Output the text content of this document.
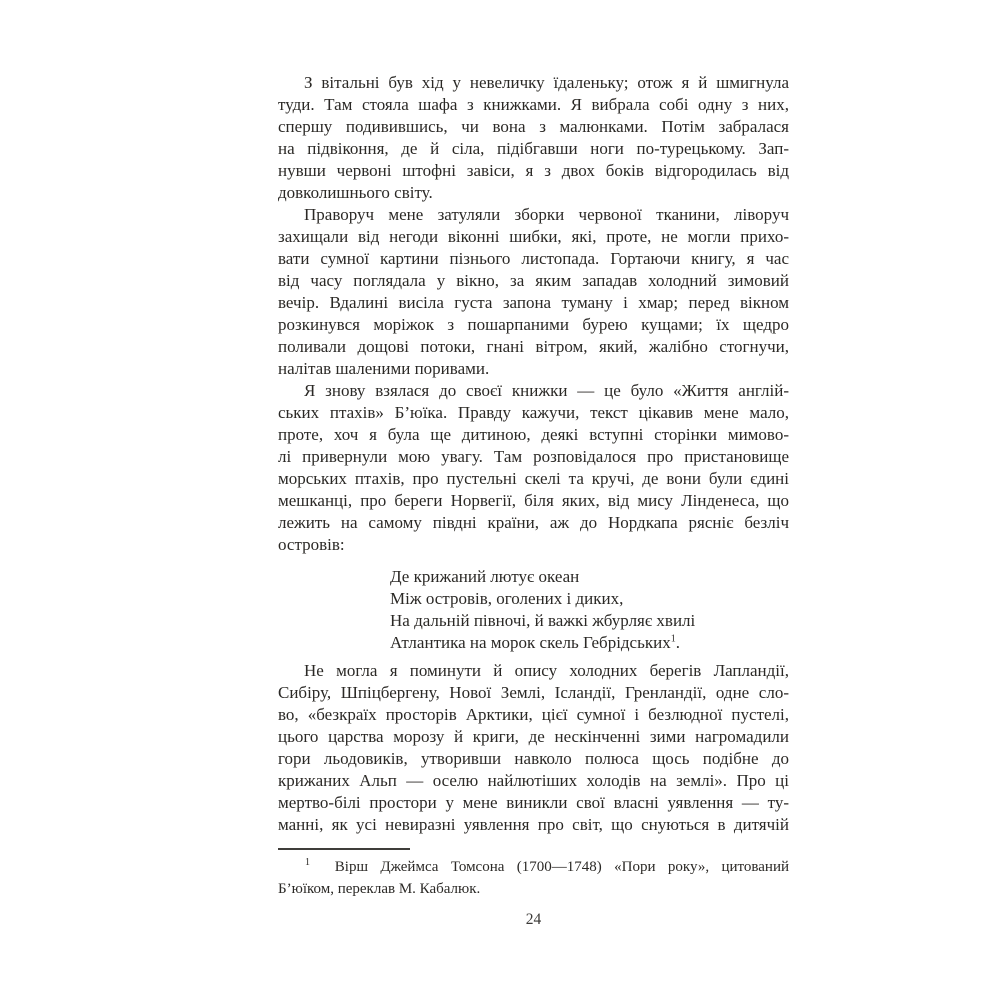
З вітальні був хід у невеличку їдаленьку; отож я й шмигнула
туди. Там стояла шафа з книжками. Я вибрала собі одну з них,
спершу подивившись, чи вона з малюнками. Потім забралася
на підвіконня, де й сіла, підібгавши ноги по-турецькому. Зап-
нувши червоні штофні завіси, я з двох боків відгородилась від
довколишнього світу.
Праворуч мене затуляли зборки червоної тканини, ліворуч
захищали від негоди віконні шибки, які, проте, не могли прихо-
вати сумної картини пізнього листопада. Гортаючи книгу, я час
від часу поглядала у вікно, за яким западав холодний зимовий
вечір. Вдалині висіла густа запона туману і хмар; перед вікном
розкинувся моріжок з пошарпаними бурею кущами; їх щедро
поливали дощові потоки, гнані вітром, який, жалібно стогнучи,
налітав шаленими поривами.
Я знову взялася до своєї книжки — це було «Життя англій-
ських птахів» Б’юїка. Правду кажучи, текст цікавив мене мало,
проте, хоч я була ще дитиною, деякі вступні сторінки мимово-
лі привернули мою увагу. Там розповідалося про пристановище
морських птахів, про пустельні скелі та кручі, де вони були єдині
мешканці, про береги Норвегії, біля яких, від мису Лінденеса, що
лежить на самому півдні країни, аж до Нордкапа рясніє безліч
островів:
Де крижаний лютує океан
Між островів, оголених і диких,
На дальній півночі, й важкі жбурляє хвилі
Атлантика на морок скель Гебрідських$^1$.
Не могла я поминути й опису холодних берегів Лапландії,
Сибіру, Шпіцбергену, Нової Землі, Ісландії, Гренландії, одне сло-
во, «безкраїх просторів Арктики, цієї сумної і безлюдної пустелі,
цього царства морозу й криги, де нескінченні зими нагромадили
гори льодовиків, утворивши навколо полюса щось подібне до
крижаних Альп — оселю найлютіших холодів на землі». Про ці
мертво-білі простори у мене виникли свої власні уявлення — ту-
манні, як усі невиразні уявлення про світ, що снуються в дитячій
$^1$ Вірш Джеймса Томсона (1700—1748) «Пори року», цитований
Б’юїком, переклав М. Кабалюк.
24
